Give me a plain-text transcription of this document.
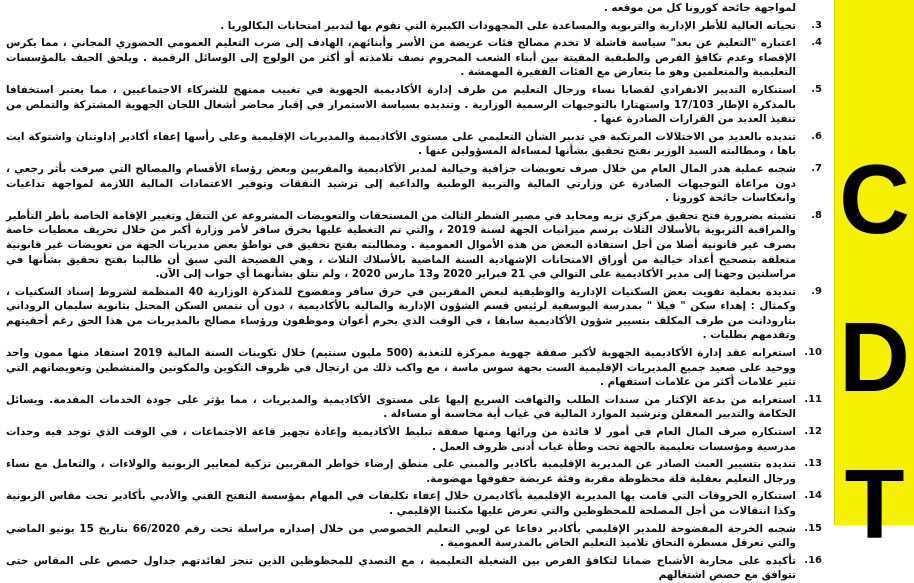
لمواجهة جائحة كورونا كل من موقعه .
.3
تحياته العالية للأطر الإدارية والتربوية والمساعدة على المجهودات الكبيرة التي تقوم بها لتدبير امتحانات البكالوريا .
.4
اعتباره "التعليم عن بعد" سياسة فاشلة لا تخدم مصالح فئات عريضة من الأسر وأبنائهم، الهادف إلى ضرب التعليم العمومي الحضوري المجاني ، مما يكرس الإقصاء وعدم تكافؤ الفرص والطبقية المقيتة بين أبناء الشعب المحروم نصف تلامذته أو أكثر من الولوج إلى الوسائل الرقمية . ويلحق الحيف بالمؤسسات التعليمية والمتعلمين وهو ما يتعارض مع الفئات الفقيرة المهمشة .
.5
استنكاره التدبير الانفرادي لقضايا نساء ورجال التعليم من طرف إدارة الأكاديمية الجهوية في تغييب ممنهج للشركاء الاجتماعيين ، مما يعتبر استخفافا بالمذكرة الإطار 17/103 واستهتارا بالتوجيهات الرسمية الوزارية . وتنديده بسياسة الاستمرار في إقبار محاضر أشغال اللجان الجهوية المشتركة والتملص من تنفيذ العديد من القرارات الصادرة عنها .
.6
تنديده بالعديد من الاختلالات المرتكبة في تدبير الشأن التعليمي على مستوى الأكاديمية والمديريات الإقليمية وعلى رأسها إعفاء أكادير إداوتنان واشتوكة ايت باها ، ومطالبته السيد الوزير بفتح تحقيق بشأنها لمساءلة المسؤولين عنها .
.7
شجبه عملية هدر المال العام من خلال صرف تعويضات جزافية وخيالية لمدير الأكاديمية والمقربين وبعض رؤساء الأقسام والمصالح التي صرفت بأثر رجعي ، دون مراعاة التوجيهات الصادرة عن وزارتي المالية والتربية الوطنية والداعية إلى ترشيد النفقات وتوفير الاعتمادات المالية اللازمة لمواجهة تداعيات وانعكاسات جائحة كورونا .
.8
تشبثه بضرورة فتح تحقيق مركزي نزيه ومحايد في مصير الشطر الثالث من المستحقات والتعويضات المشروعة عن التنقل وتغيير الإقامة الخاصة بأطر التأطير والمراقبة التربوية بالأسلاك الثلاث برسم ميزانيات الجهة لسنة 2019 ، والتي تم التغطية عليها بخرق سافر لأمر وزارة أكبر من خلال تحريف معطيات خاصة بصرف غير قانونية أصلا من أجل استفادة البعض من هذه الأموال العمومية . ومطالبته بفتح تحقيق في تواطؤ بعض مديريات الجهة من تعويضات غير قانونية متعلقة بتصحيح أعداد خيالية من أوراق الامتحانات الإشهادية السنة الماضية بالأسلاك الثلاث ، وهي الفضيحة التي سبق أن طالبنا بفتح تحقيق بشأنها في مراسلتين وجهتا إلى مدير الأكاديمية على التوالي في 21 فبراير 2020 و13 مارس 2020 ، ولم نتلق بشأنهما أي جواب إلى الآن.
.9
تنديده بعملية تفويت بعض السكنيات الإدارية والوظيفية لبعض المقربين في خرق سافر ومفضوح للمذكرة الوزارية 40 المنظمة لشروط إسناد السكنيات ، وكمثال : إهداء سكن " فيلا " بمدرسة اليوسفية لرئيس قسم الشؤون الإدارية والمالية بالأكاديمية ، دون أن نتمس السكن المحتل بثانوية سليمان الروداني بتارودانت من طرف المكلف بتسيير شؤون الأكاديمية سابقا ، في الوقت الذي يحرم أعوان وموظفون ورؤساء مصالح بالمديريات من هذا الحق رغم أحقيتهم وتقدمهم بطلبات .
.10
استغرابه عقد إدارة الأكاديمية الجهوية لأكبر صفقة جهوية ممركزة للتغذية (500 مليون سنتيم) خلال تكوينات السنة المالية 2019 استفاد منها ممون واحد ووحيد على صعيد جميع المديريات الإقليمية الست بجهة سوس ماسة ، مع واكب ذلك من ارتجال في ظروف التكوين والمكونين والمنشطين وتعويضاتهم التي تثير علامات أكثر من علامات استفهام .
.11
استغرابه من بدعة الإكثار من سندات الطلب والتهافت السريع إليها على مستوى الأكاديمية والمديريات ، مما يؤثر على جودة الخدمات المقدمة. ويسائل الحكامة والتدبير المعقلن وترشيد الموارد المالية في غياب أية محاسبة أو مساءلة .
.12
استنكاره صرف المال العام في أمور لا فائدة من ورائها ومنها صفقة تبليط الأكاديمية وإعادة تجهيز قاعة الاجتماعات ، في الوقت الذي توجد فيه وحدات مدرسية ومؤسسات تعليمية بالجهة تحت وطأة غياب أدنى ظروف العمل .
.13
تنديده بتسيير العبث الصادر عن المديرية الإقليمية بأكادير والمبني على منطق إرضاء خواطر المقربين تزكية لمعايير الزبونية والولاءات ، والتعامل مع نساء ورجال التعليم بعقلية قلة محظوظة مقربة وفئة عريضة حقوقها مهضومة.
.14
استنكاره الخروقات التي قامت بها المديرية الإقليمية بأكاديمرن خلال إعفاء تكليفات في المهام بمؤسسة التفتح الفني والأدبي بأكادير تحت مقاس الزبونية وكذا انتقالات من أجل المصلحة للمحظوظين والتي تعرض عليها مكتبنا الإقليمي .
.15
شجبه الخرجة المفضوحة للمدير الإقليمي بأكادير دفاعا عن لوبي التعليم الخصوصي من خلال إصداره مراسلة تحت رقم 66/2020 بتاريخ 15 يونيو الماضي والتي تعرقل مسطرة التحاق تلاميذ التعليم الخاص بالمدرسة العمومية .
.16
تأكيده على محاربة الأشباح ضمانا لتكافؤ الفرص بين الشغيلة التعليمية ، مع التصدي للمحظوظين الذين تنجز لفائدتهم جداول حصص على المقاس حتى تتوافق مع حصص اشتغالهم
C
D
T
